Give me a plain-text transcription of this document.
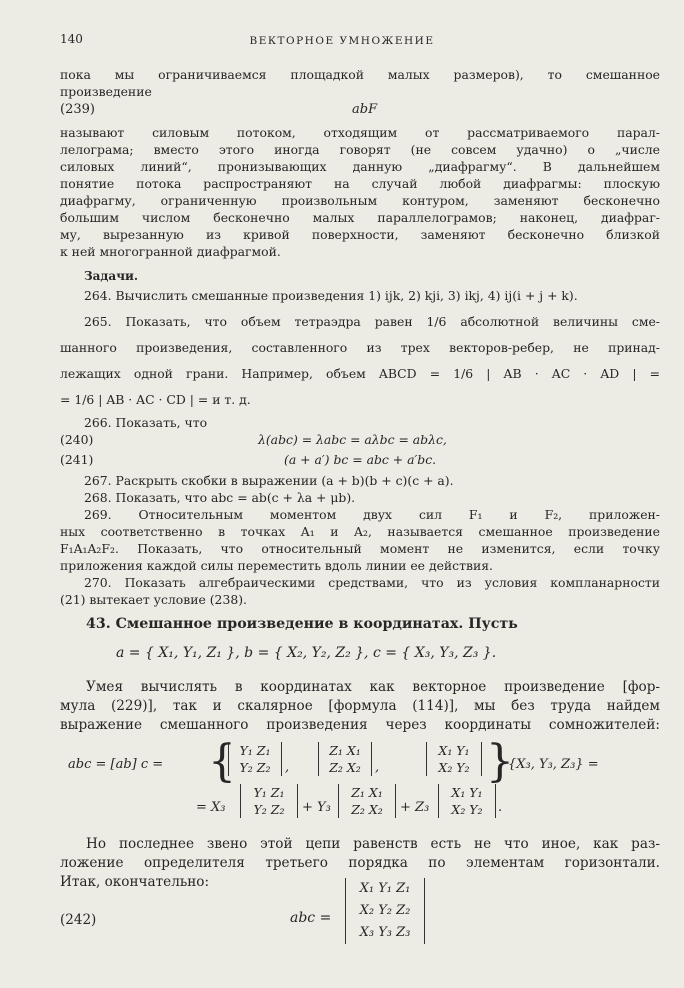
140	ВЕКТОРНОЕ УМНОЖЕНИЕ
пока мы ограничиваемся площадкой малых размеров), то смешанное
произведение
(239)	abF
называют силовым потоком, отходящим от рассматриваемого парал-
лелограма; вместо этого иногда говорят (не совсем удачно) о „числе
силовых линий“, пронизывающих данную „диафрагму“. В дальнейшем
понятие потока распространяют на случай любой диафрагмы: плоскую
диафрагму, ограниченную произвольным контуром, заменяют бесконечно
большим числом бесконечно малых параллелограмов; наконец, диафраг-
му, вырезанную из кривой поверхности, заменяют бесконечно близкой
к ней многогранной диафрагмой.
Задачи.
264. Вычислить смешанные произведения 1) ijk, 2) kji, 3) ikj, 4) ij(i + j + k).
265. Показать, что объем тетраэдра равен 1/6 абсолютной величины сме-
шанного произведения, составленного из трех векторов-ребер, не принад-
лежащих одной грани. Например, объем ABCD = 1/6 | AB · AC · AD | =
= 1/6 | AB · AC · CD | = и т. д.
266. Показать, что
(240)	λ(abc) = λabc = aλbc = abλc,
(241)	(a + a′) bc = abc + a′bc.
267. Раскрыть скобки в выражении (a + b)(b + c)(c + a).
268. Показать, что abc = ab(c + λa + μb).
269. Относительным моментом двух сил F₁ и F₂, приложен-
ных соответственно в точках A₁ и A₂, называется смешанное произведение
F₁A₁A₂F₂. Показать, что относительный момент не изменится, если точку
приложения каждой силы переместить вдоль линии ее действия.
270. Показать алгебраическими средствами, что из условия компланарности
(21) вытекает условие (238).
43. Смешанное произведение в координатах. Пусть
a = { X₁, Y₁, Z₁ }, b = { X₂, Y₂, Z₂ }, c = { X₃, Y₃, Z₃ }.
Умея вычислять в координатах как векторное произведение [фор-
мула (229)], так и скалярное [формула (114)], мы без труда найдем
выражение смешанного произведения через координаты сомножителей:
abc = [ab] c = { Y₁ Z₁
Y₂ Z₂	,
Z₁ X₁
Z₂ X₂	,
X₁ Y₁
X₂ Y₂ }
{X₃, Y₃, Z₃} =
= X₃
Y₁ Z₁
Y₂ Z₂	+ Y₃
Z₁ X₁
Z₂ X₂	+ Z₃
X₁ Y₁
X₂ Y₂	.
Но последнее звено этой цепи равенств есть не что иное, как раз-
ложение определителя третьего порядка по элементам горизонтали.
Итак, окончательно:
(242)	abc =
X₁ Y₁ Z₁
X₂ Y₂ Z₂
X₃ Y₃ Z₃
